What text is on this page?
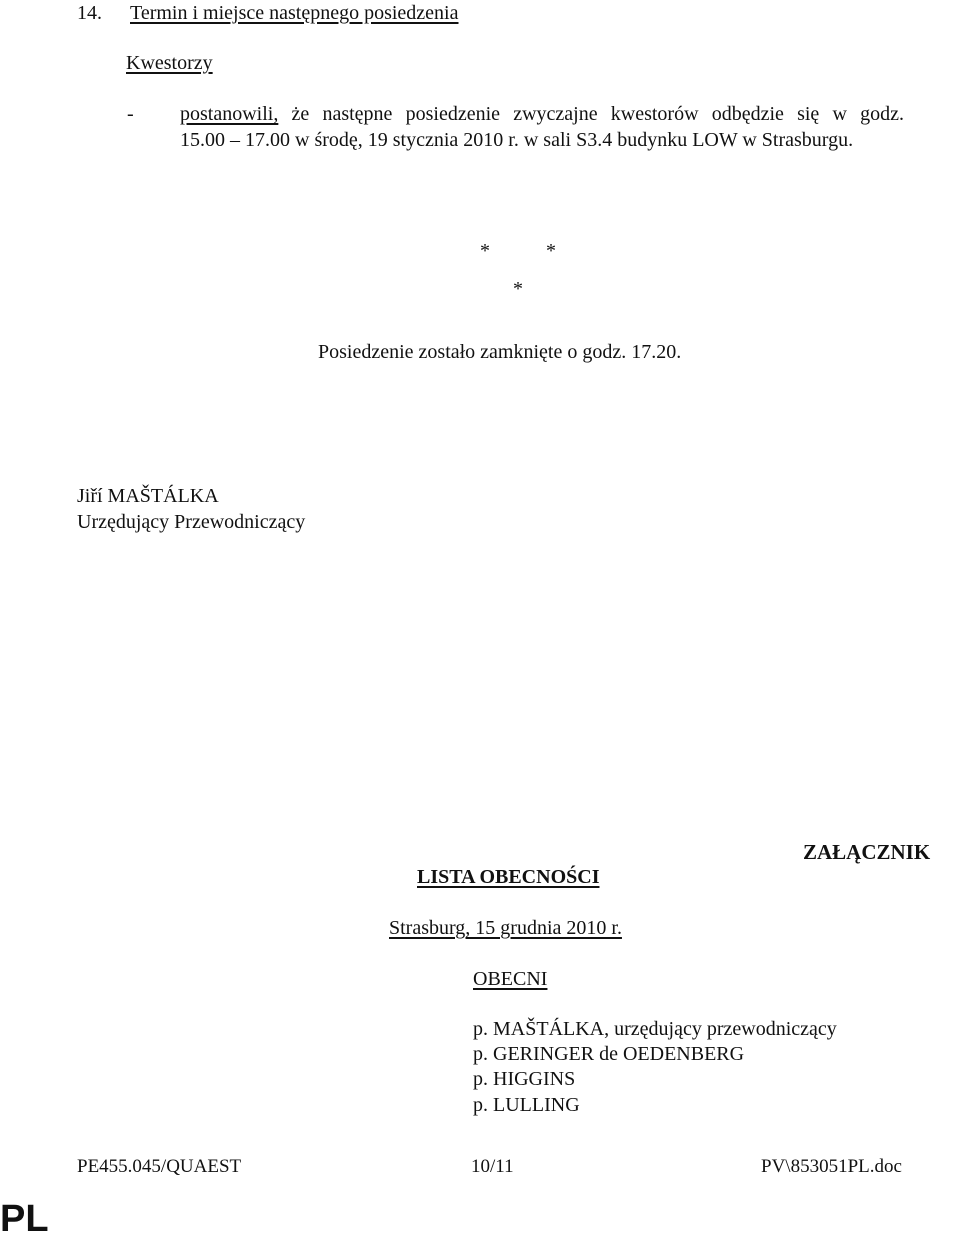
14. Termin i miejsce następnego posiedzenia
Kwestorzy
- postanowili, że następne posiedzenie zwyczajne kwestorów odbędzie się w godz.
15.00 – 17.00 w środę, 19 stycznia 2010 r. w sali S3.4 budynku LOW w Strasburgu.
*	*
*
Posiedzenie zostało zamknięte o godz. 17.20.
Jiří MAŠTÁLKA
Urzędujący Przewodniczący
ZAŁĄCZNIK
LISTA OBECNOŚCI
Strasburg, 15 grudnia 2010 r.
OBECNI
p. MAŠTÁLKA, urzędujący przewodniczący
p. GERINGER de OEDENBERG
p. HIGGINS
p. LULLING
PE455.045/QUAEST	10/11	PV\853051PL.doc
PL
